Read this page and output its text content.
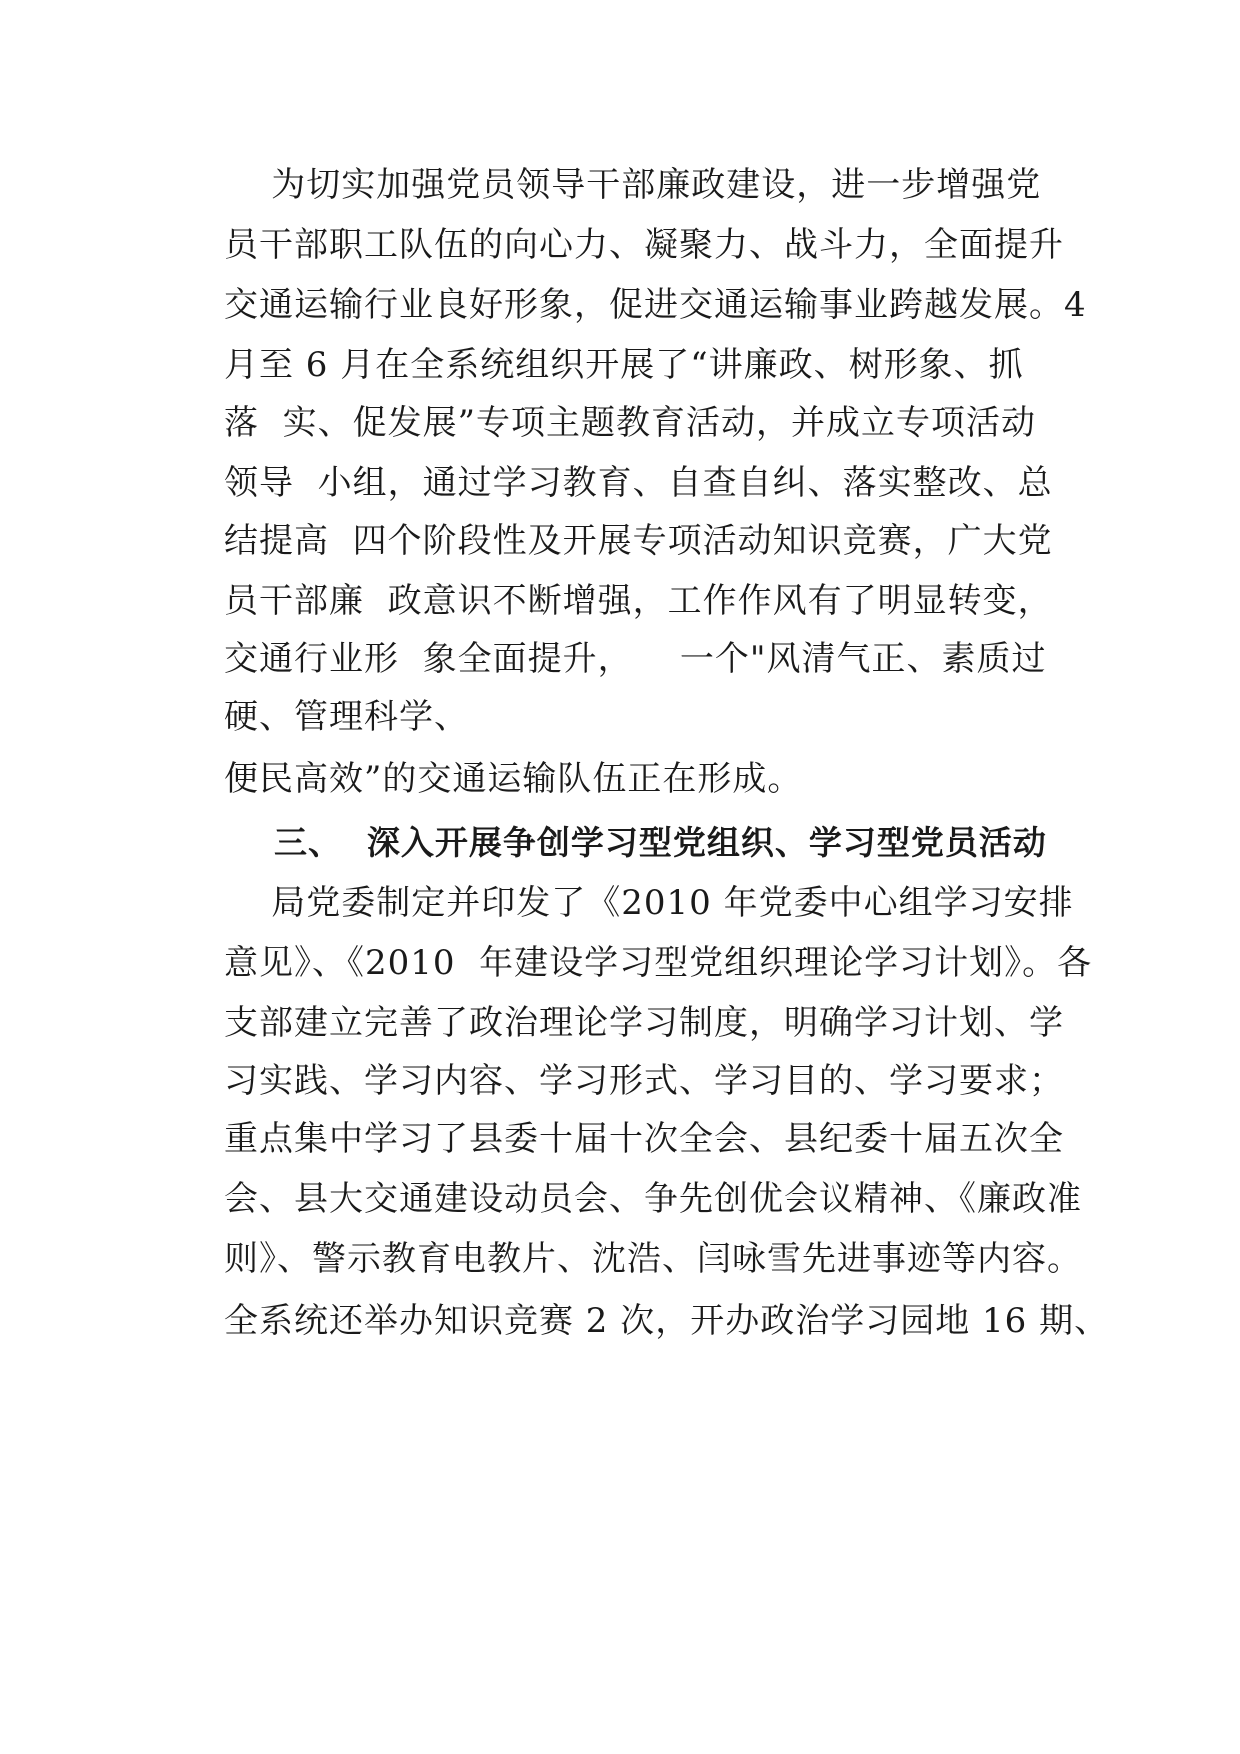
为切实加强党员领导干部廉政建设，进一步增强党
员干部职工队伍的向心力、凝聚力、战斗力，全面提升
交通运输行业良好形象，促进交通运输事业跨越发展。4
月至 6 月在全系统组织开展了“讲廉政、树形象、抓
落  实、促发展”专项主题教育活动，并成立专项活动
领导  小组，通过学习教育、自查自纠、落实整改、总
结提高  四个阶段性及开展专项活动知识竞赛，广大党
员干部廉  政意识不断增强，工作作风有了明显转变，
交通行业形  象全面提升，    一个"风清气正、素质过
硬、管理科学、
便民高效”的交通运输队伍正在形成。
三、  深入开展争创学习型党组织、学习型党员活动
局党委制定并印发了《2010 年党委中心组学习安排
意见》、《2010  年建设学习型党组织理论学习计划》。各
支部建立完善了政治理论学习制度，明确学习计划、学
习实践、学习内容、学习形式、学习目的、学习要求；
重点集中学习了县委十届十次全会、县纪委十届五次全
会、县大交通建设动员会、争先创优会议精神、《廉政准
则》、警示教育电教片、沈浩、闫咏雪先进事迹等内容。
全系统还举办知识竞赛 2 次，开办政治学习园地 16 期、
